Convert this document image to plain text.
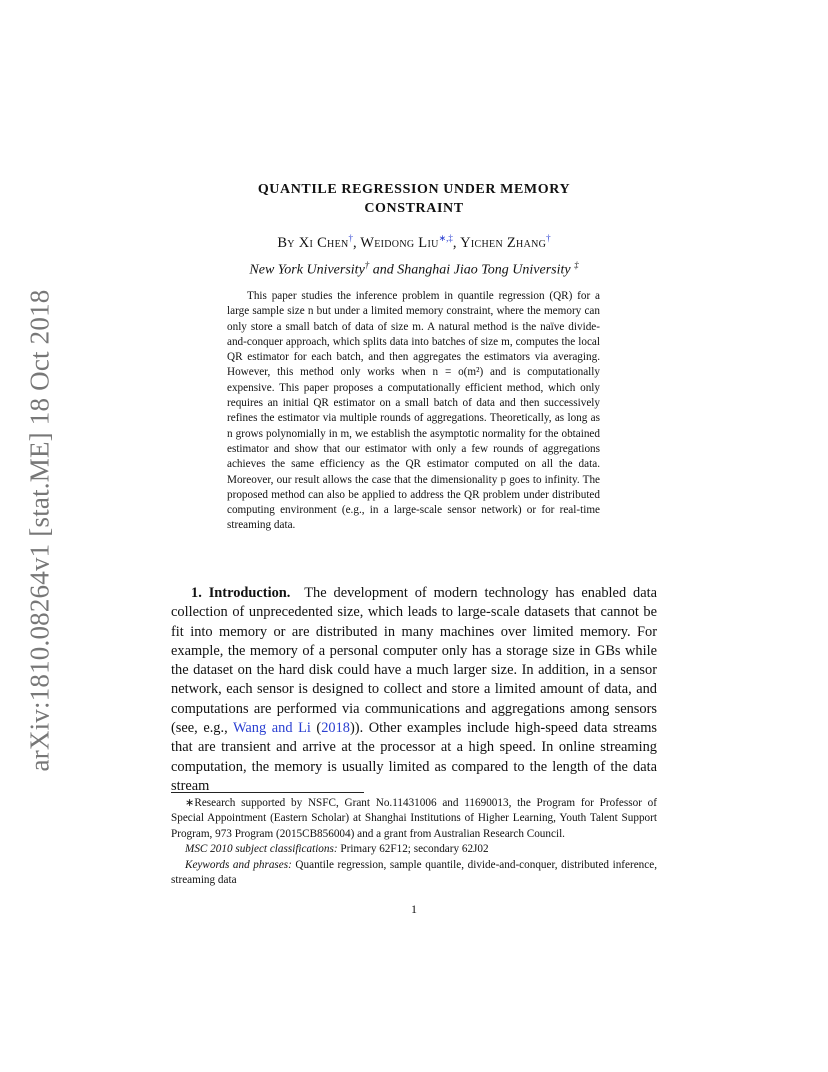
arXiv:1810.08264v1 [stat.ME] 18 Oct 2018
QUANTILE REGRESSION UNDER MEMORY
CONSTRAINT
By Xi Chen†, Weidong Liu∗,‡, Yichen Zhang†
New York University† and Shanghai Jiao Tong University ‡
This paper studies the inference problem in quantile regression (QR) for a large sample size n but under a limited memory constraint, where the memory can only store a small batch of data of size m. A natural method is the naïve divide-and-conquer approach, which splits data into batches of size m, computes the local QR estimator for each batch, and then aggregates the estimators via averaging. However, this method only works when n = o(m²) and is computationally expensive. This paper proposes a computationally efficient method, which only requires an initial QR estimator on a small batch of data and then successively refines the estimator via multiple rounds of aggregations. Theoretically, as long as n grows polynomially in m, we establish the asymptotic normality for the obtained estimator and show that our estimator with only a few rounds of aggregations achieves the same efficiency as the QR estimator computed on all the data. Moreover, our result allows the case that the dimensionality p goes to infinity. The proposed method can also be applied to address the QR problem under distributed computing environment (e.g., in a large-scale sensor network) or for real-time streaming data.
1. Introduction. The development of modern technology has enabled data collection of unprecedented size, which leads to large-scale datasets that cannot be fit into memory or are distributed in many machines over limited memory. For example, the memory of a personal computer only has a storage size in GBs while the dataset on the hard disk could have a much larger size. In addition, in a sensor network, each sensor is designed to collect and store a limited amount of data, and computations are performed via communications and aggregations among sensors (see, e.g., Wang and Li (2018)). Other examples include high-speed data streams that are transient and arrive at the processor at a high speed. In online streaming computation, the memory is usually limited as compared to the length of the data stream

∗Research supported by NSFC, Grant No.11431006 and 11690013, the Program for Professor of Special Appointment (Eastern Scholar) at Shanghai Institutions of Higher Learning, Youth Talent Support Program, 973 Program (2015CB856004) and a grant from Australian Research Council.

MSC 2010 subject classifications: Primary 62F12; secondary 62J02

Keywords and phrases: Quantile regression, sample quantile, divide-and-conquer, distributed inference, streaming data

1
